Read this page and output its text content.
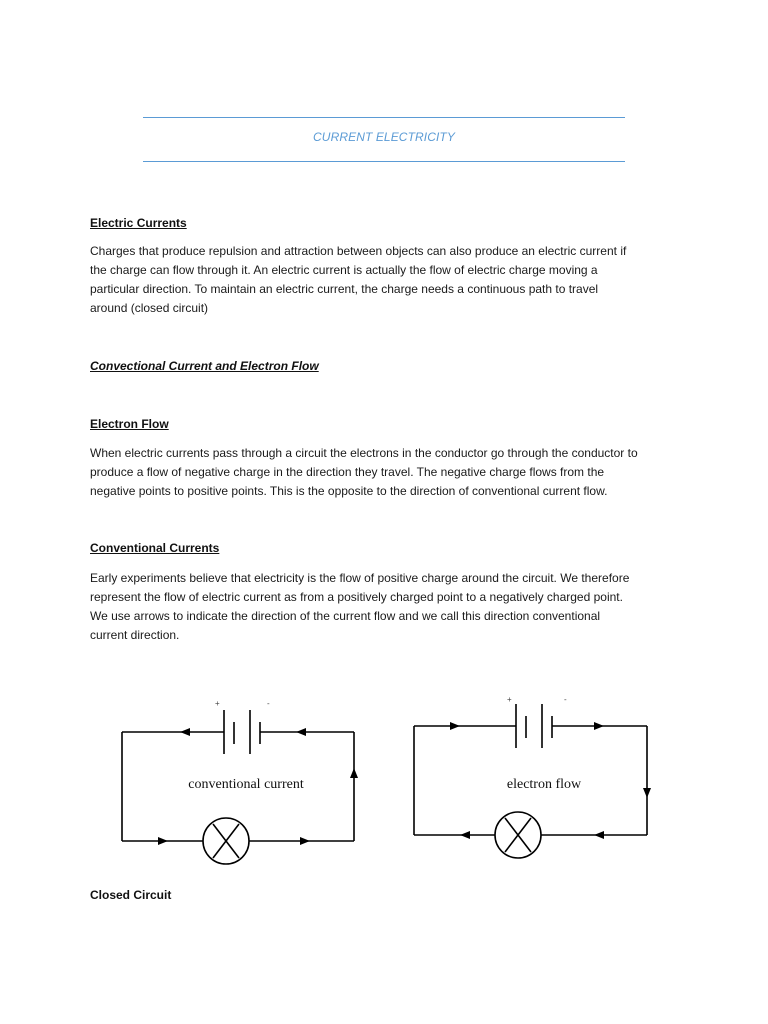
CURRENT ELECTRICITY
Electric Currents
Charges that produce repulsion and attraction between objects can also produce an electric current if
the charge can flow through it. An electric current is actually the flow of electric charge moving a
particular direction. To maintain an electric current, the charge needs a continuous path to travel
around (closed circuit)
Convectional Current and Electron Flow
Electron Flow
When electric currents pass through a circuit the electrons in the conductor go through the conductor to
produce a flow of negative charge in the direction they travel. The negative charge flows from the
negative points to positive points. This is the opposite to the direction of conventional current flow.
Conventional Currents
Early experiments believe that electricity is the flow of positive charge around the circuit. We therefore
represent the flow of electric current as from a positively charged point to a negatively charged point.
We use arrows to indicate the direction of the current flow and we call this direction conventional
current direction.
+	-
conventional current
+	-
electron flow
Closed Circuit
